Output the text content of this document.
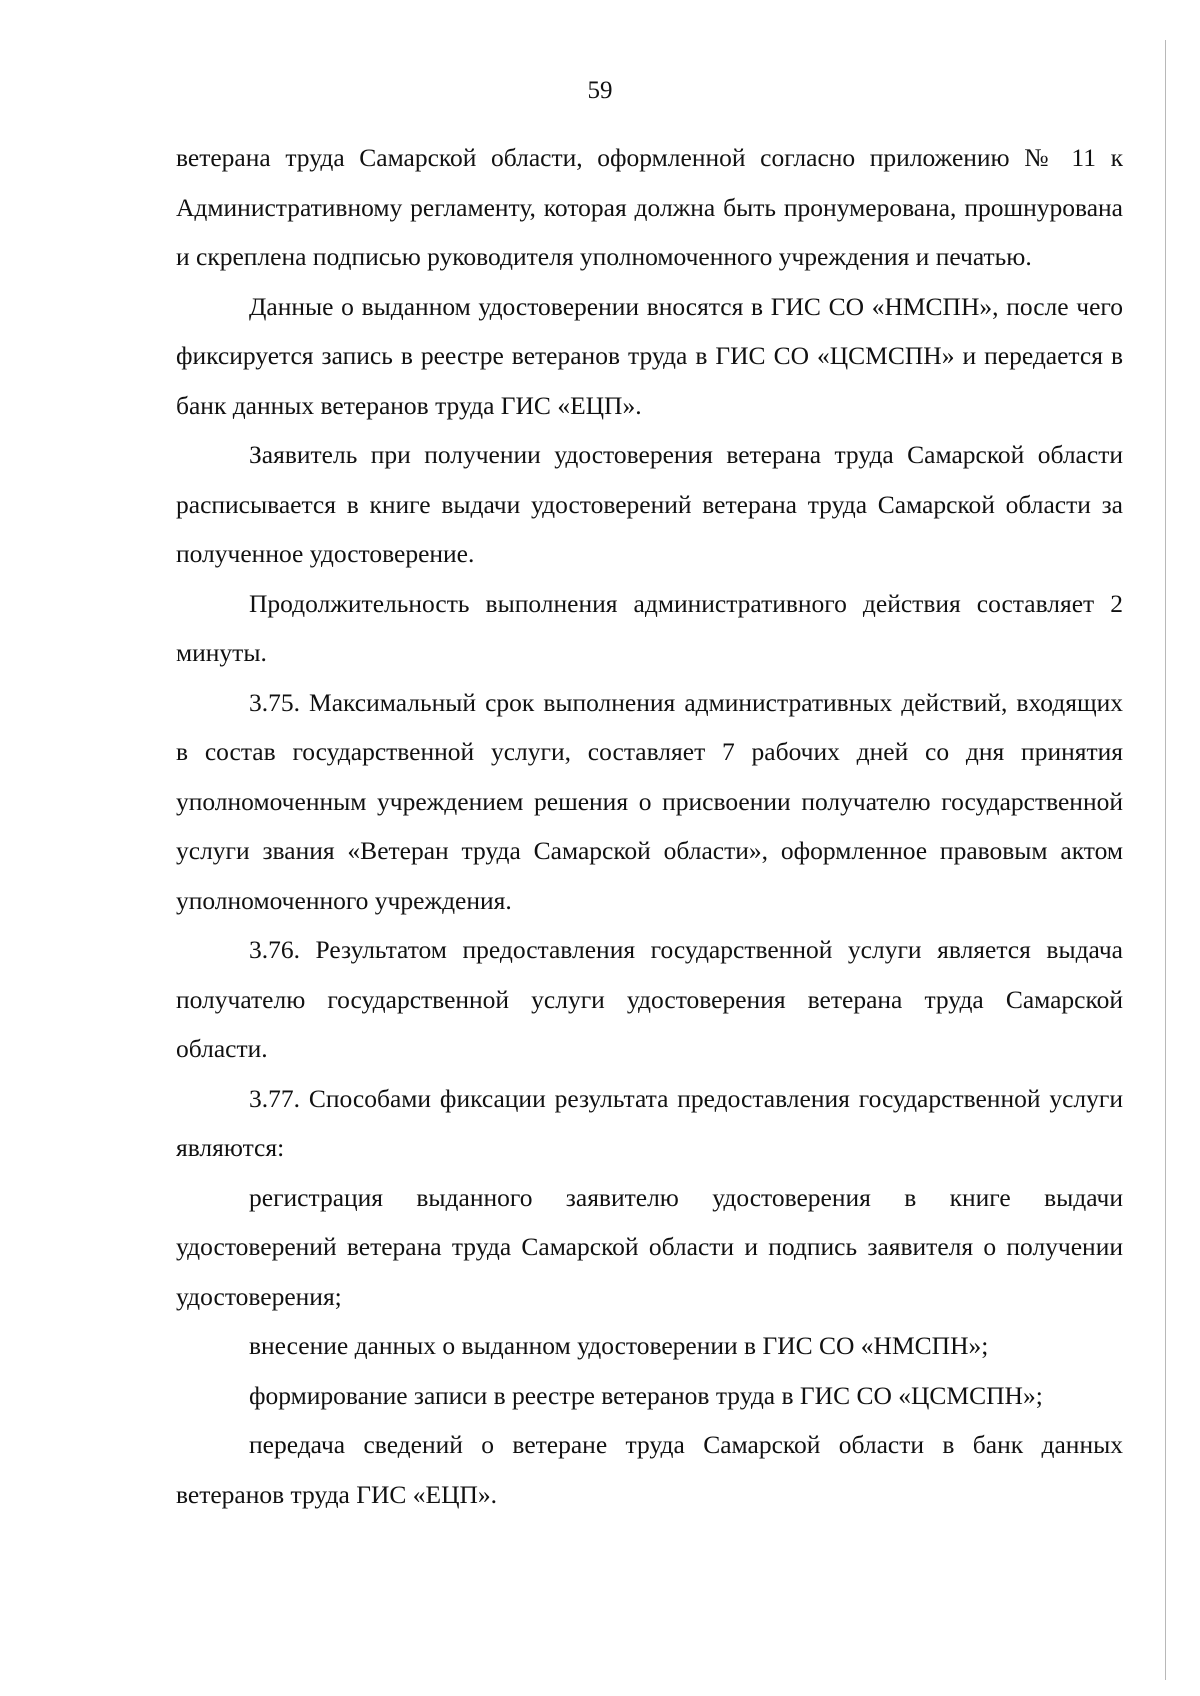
59

ветерана труда Самарской области, оформленной согласно приложению № 11 к Административному регламенту, которая должна быть пронумерована, прошнурована и скреплена подписью руководителя уполномоченного учреждения и печатью.

Данные о выданном удостоверении вносятся в ГИС СО «НМСПН», после чего фиксируется запись в реестре ветеранов труда в ГИС СО «ЦСМСПН» и передается в банк данных ветеранов труда ГИС «ЕЦП».

Заявитель при получении удостоверения ветерана труда Самарской области расписывается в книге выдачи удостоверений ветерана труда Самарской области за полученное удостоверение.

Продолжительность выполнения административного действия составляет 2 минуты.

3.75. Максимальный срок выполнения административных действий, входящих в состав государственной услуги, составляет 7 рабочих дней со дня принятия уполномоченным учреждением решения о присвоении получателю государственной услуги звания «Ветеран труда Самарской области», оформленное правовым актом уполномоченного учреждения.

3.76. Результатом предоставления государственной услуги является выдача получателю государственной услуги удостоверения ветерана труда Самарской области.

3.77. Способами фиксации результата предоставления государственной услуги являются:

регистрация выданного заявителю удостоверения в книге выдачи удостоверений ветерана труда Самарской области и подпись заявителя о получении удостоверения;

внесение данных о выданном удостоверении в ГИС СО «НМСПН»;

формирование записи в реестре ветеранов труда в ГИС СО «ЦСМСПН»;

передача сведений о ветеране труда Самарской области в банк данных ветеранов труда ГИС «ЕЦП».
